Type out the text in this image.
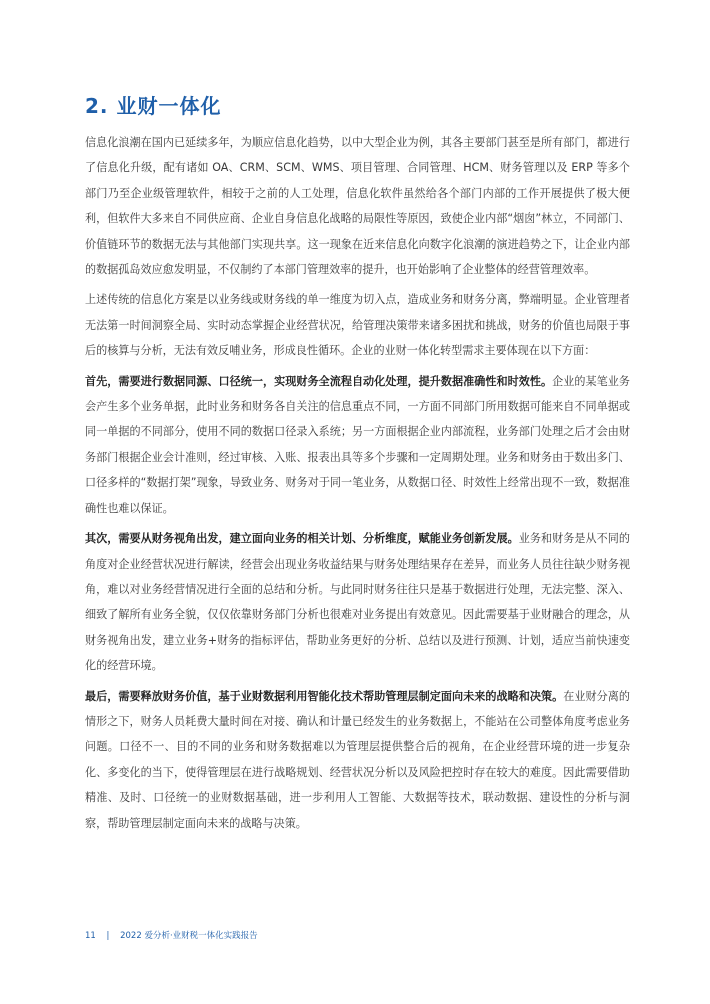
2. 业财一体化

信息化浪潮在国内已延续多年，为顺应信息化趋势，以中大型企业为例，其各主要部门甚至是所有部门，都进行了信息化升级，配有诸如 OA、CRM、SCM、WMS、项目管理、合同管理、HCM、财务管理以及 ERP 等多个部门乃至企业级管理软件，相较于之前的人工处理，信息化软件虽然给各个部门内部的工作开展提供了极大便利，但软件大多来自不同供应商、企业自身信息化战略的局限性等原因，致使企业内部“烟囱”林立，不同部门、价值链环节的数据无法与其他部门实现共享。这一现象在近来信息化向数字化浪潮的演进趋势之下，让企业内部的数据孤岛效应愈发明显，不仅制约了本部门管理效率的提升，也开始影响了企业整体的经营管理效率。

上述传统的信息化方案是以业务线或财务线的单一维度为切入点，造成业务和财务分离，弊端明显。企业管理者无法第一时间洞察全局、实时动态掌握企业经营状况，给管理决策带来诸多困扰和挑战，财务的价值也局限于事后的核算与分析，无法有效反哺业务，形成良性循环。企业的业财一体化转型需求主要体现在以下方面：

首先，需要进行数据同源、口径统一，实现财务全流程自动化处理，提升数据准确性和时效性。企业的某笔业务会产生多个业务单据，此时业务和财务各自关注的信息重点不同，一方面不同部门所用数据可能来自不同单据或同一单据的不同部分，使用不同的数据口径录入系统；另一方面根据企业内部流程，业务部门处理之后才会由财务部门根据企业会计准则，经过审核、入账、报表出具等多个步骤和一定周期处理。业务和财务由于数出多门、口径多样的“数据打架”现象，导致业务、财务对于同一笔业务，从数据口径、时效性上经常出现不一致，数据准确性也难以保证。

其次，需要从财务视角出发，建立面向业务的相关计划、分析维度，赋能业务创新发展。业务和财务是从不同的角度对企业经营状况进行解读，经营会出现业务收益结果与财务处理结果存在差异，而业务人员往往缺少财务视角，难以对业务经营情况进行全面的总结和分析。与此同时财务往往只是基于数据进行处理，无法完整、深入、细致了解所有业务全貌，仅仅依靠财务部门分析也很难对业务提出有效意见。因此需要基于业财融合的理念，从财务视角出发，建立业务+财务的指标评估，帮助业务更好的分析、总结以及进行预测、计划，适应当前快速变化的经营环境。

最后，需要释放财务价值，基于业财数据利用智能化技术帮助管理层制定面向未来的战略和决策。在业财分离的情形之下，财务人员耗费大量时间在对接、确认和计量已经发生的业务数据上，不能站在公司整体角度考虑业务问题。口径不一、目的不同的业务和财务数据难以为管理层提供整合后的视角，在企业经营环境的进一步复杂化、多变化的当下，使得管理层在进行战略规划、经营状况分析以及风险把控时存在较大的难度。因此需要借助精准、及时、口径统一的业财数据基础，进一步利用人工智能、大数据等技术，联动数据、建设性的分析与洞察，帮助管理层制定面向未来的战略与决策。

11 | 2022 爱分析·业财税一体化实践报告
